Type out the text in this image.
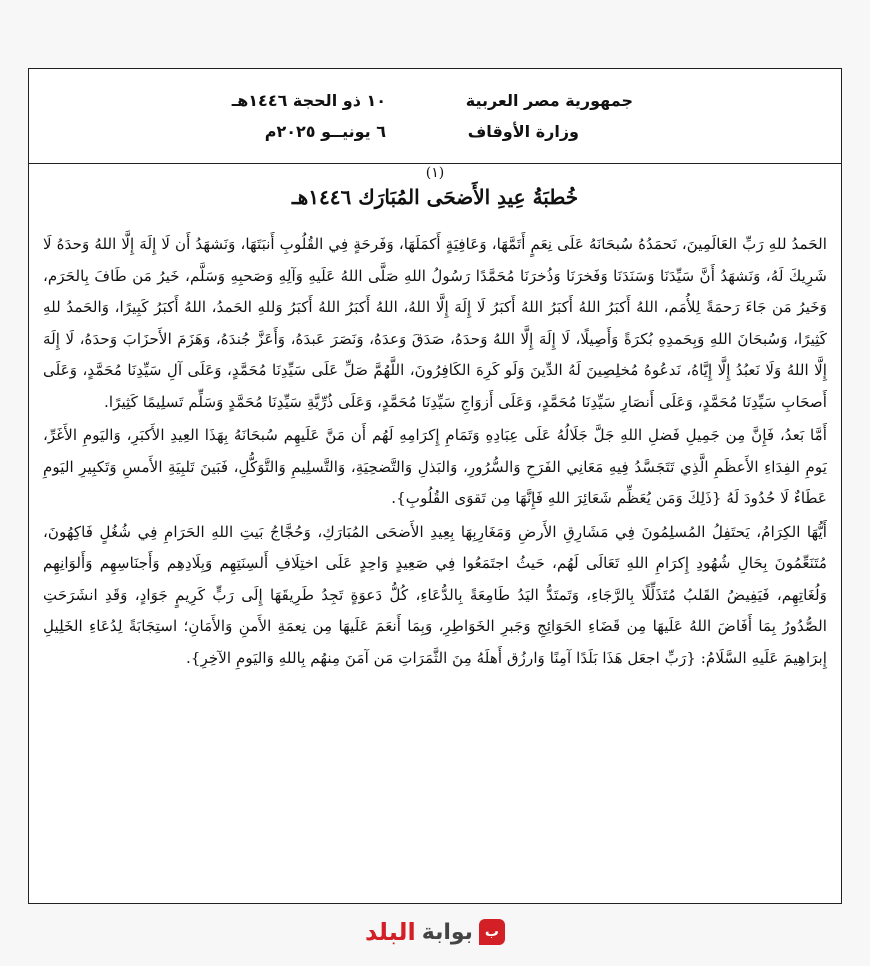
جمهورية مصر العربية
وزارة الأوقاف
١٠ ذو الحجة ١٤٤٦هـ
٦ يونيــو ٢٠٢٥م
(١)
خُطبَةُ عِيدِ الأَضحَى المُبَارَك ١٤٤٦هـ

الحَمدُ للهِ رَبِّ العَالَمِينَ، نَحمَدُهُ سُبحَانَهُ عَلَى نِعَمٍ أَتَمَّهَا، وَعَافِيَةٍ أَكمَلَهَا، وَفَرحَةٍ فِي القُلُوبِ أَنبَتَهَا، وَنَشهَدُ أَن لَا إِلَهَ إِلَّا اللهُ وَحدَهُ لَا شَرِيكَ لَهُ، وَنَشهَدُ أَنَّ سَيِّدَنَا وَسَنَدَنَا وَفَخرَنَا وَذُخرَنَا مُحَمَّدًا رَسُولُ اللهِ صَلَّى اللهُ عَلَيهِ وَآلِهِ وَصَحبِهِ وَسَلَّم، خَيرُ مَن طَافَ بِالحَرَم، وَخَيرُ مَن جَاءَ رَحمَةً لِلأُمَم، اللهُ أَكبَرُ اللهُ أَكبَرُ اللهُ أَكبَرُ لَا إِلَهَ إِلَّا اللهُ، اللهُ أَكبَرُ اللهُ أَكبَرُ وَللهِ الحَمدُ، اللهُ أَكبَرُ كَبِيرًا، وَالحَمدُ للهِ كَثِيرًا، وَسُبحَانَ اللهِ وَبِحَمدِهِ بُكرَةً وَأَصِيلًا، لَا إِلَهَ إِلَّا اللهُ وَحدَهُ، صَدَقَ وَعدَهُ، وَنَصَرَ عَبدَهُ، وَأَعَزَّ جُندَهُ، وَهَزَمَ الأَحزَابَ وَحدَهُ، لَا إِلَهَ إِلَّا اللهُ وَلَا نَعبُدُ إِلَّا إِيَّاهُ، نَدعُوهُ مُخلِصِينَ لَهُ الدِّينَ وَلَو كَرِهَ الكَافِرُونَ، اللَّهُمَّ صَلِّ عَلَى سَيِّدِنَا مُحَمَّدٍ، وَعَلَى آلِ سَيِّدِنَا مُحَمَّدٍ، وَعَلَى أَصحَابِ سَيِّدِنَا مُحَمَّدٍ، وَعَلَى أَنصَارِ سَيِّدِنَا مُحَمَّدٍ، وَعَلَى أَزوَاجِ سَيِّدِنَا مُحَمَّدٍ، وَعَلَى ذُرِّيَّةِ سَيِّدِنَا مُحَمَّدٍ وَسَلِّم تَسلِيمًا كَثِيرًا.

أَمَّا بَعدُ، فَإِنَّ مِن جَمِيلِ فَضلِ اللهِ جَلَّ جَلَالُهُ عَلَى عِبَادِهِ وَتَمَامِ إِكرَامِهِ لَهُم أَن مَنَّ عَلَيهِم سُبحَانَهُ بِهَذَا العِيدِ الأَكبَرِ، وَاليَومِ الأَغَرِّ، يَومِ الفِدَاءِ الأَعظَمِ الَّذِي تَتَجَسَّدُ فِيهِ مَعَانِي الفَرَحِ وَالسُّرُورِ، وَالبَذلِ وَالتَّضحِيَةِ، وَالتَّسلِيمِ وَالتَّوَكُّلِ، فَبَينَ تَلبِيَةِ الأَمسِ وَتَكبِيرِ اليَومِ عَطَاءٌ لَا حُدُودَ لَهُ {ذَلِكَ وَمَن يُعَظِّم شَعَائِرَ اللهِ فَإِنَّهَا مِن تَقوَى القُلُوبِ}.

أَيُّهَا الكِرَامُ، يَحتَفِلُ المُسلِمُونَ فِي مَشَارِقِ الأَرضِ وَمَغَارِبِهَا بِعِيدِ الأَضحَى المُبَارَكِ، وَحُجَّاجُ بَيتِ اللهِ الحَرَامِ فِي شُغُلٍ فَاكِهُونَ، مُتَنَعِّمُونَ بِحَالِ شُهُودِ إِكرَامِ اللهِ تَعَالَى لَهُم، حَيثُ اجتَمَعُوا فِي صَعِيدٍ وَاحِدٍ عَلَى اختِلَافِ أَلسِنَتِهِم وَبِلَادِهِم وَأَجنَاسِهِم وَأَلوَانِهِم وَلُغَاتِهِم، فَيَفِيضُ القَلبُ مُتَذَلِّلًا بِالرَّجَاءِ، وَتَمتَدُّ اليَدُ طَامِعَةً بِالدُّعَاءِ، كُلُّ دَعوَةٍ تَجِدُ طَرِيقَهَا إِلَى رَبٍّ كَرِيمٍ جَوَادٍ، وَقَدِ انشَرَحَتِ الصُّدُورُ بِمَا أَفَاضَ اللهُ عَلَيهَا مِن قَضَاءِ الحَوَائِجِ وَجَبرِ الخَوَاطِرِ، وَبِمَا أَنعَمَ عَلَيهَا مِن نِعمَةِ الأَمنِ وَالأَمَانِ؛ استِجَابَةً لِدُعَاءِ الخَلِيلِ إِبرَاهِيمَ عَلَيهِ السَّلَامُ: {رَبِّ اجعَل هَذَا بَلَدًا آمِنًا وَارزُق أَهلَهُ مِنَ الثَّمَرَاتِ مَن آمَنَ مِنهُم بِاللهِ وَاليَومِ الآخِرِ}.

ب
بوابة
البلد
